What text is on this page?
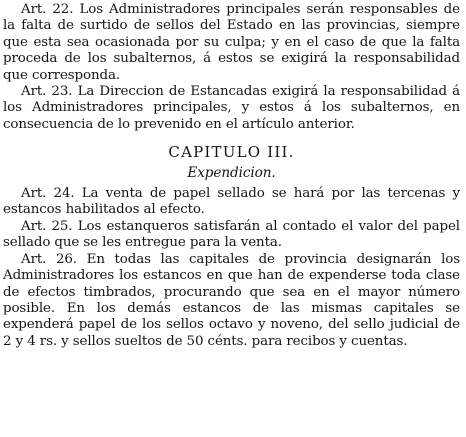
Art. 22. Los Administradores principales serán responsables de la falta de surtido de sellos del Estado en las provincias, siempre que esta sea ocasionada por su culpa; y en el caso de que la falta proceda de los subalternos, á estos se exigirá la responsabilidad que corresponda.

Art. 23. La Direccion de Estancadas exigirá la responsabilidad á los Administradores principales, y estos á los subalternos, en consecuencia de lo prevenido en el artículo anterior.

CAPITULO III.
Expendicion.

Art. 24. La venta de papel sellado se hará por las tercenas y estancos habilitados al efecto.

Art. 25. Los estanqueros satisfarán al contado el valor del papel sellado que se les entregue para la venta.

Art. 26. En todas las capitales de provincia designarán los Administradores los estancos en que han de expenderse toda clase de efectos timbrados, procurando que sea en el mayor número posible. En los demás estancos de las mismas capitales se expenderá papel de los sellos octavo y noveno, del sello judicial de 2 y 4 rs. y sellos sueltos de 50 cénts. para recibos y cuentas.
